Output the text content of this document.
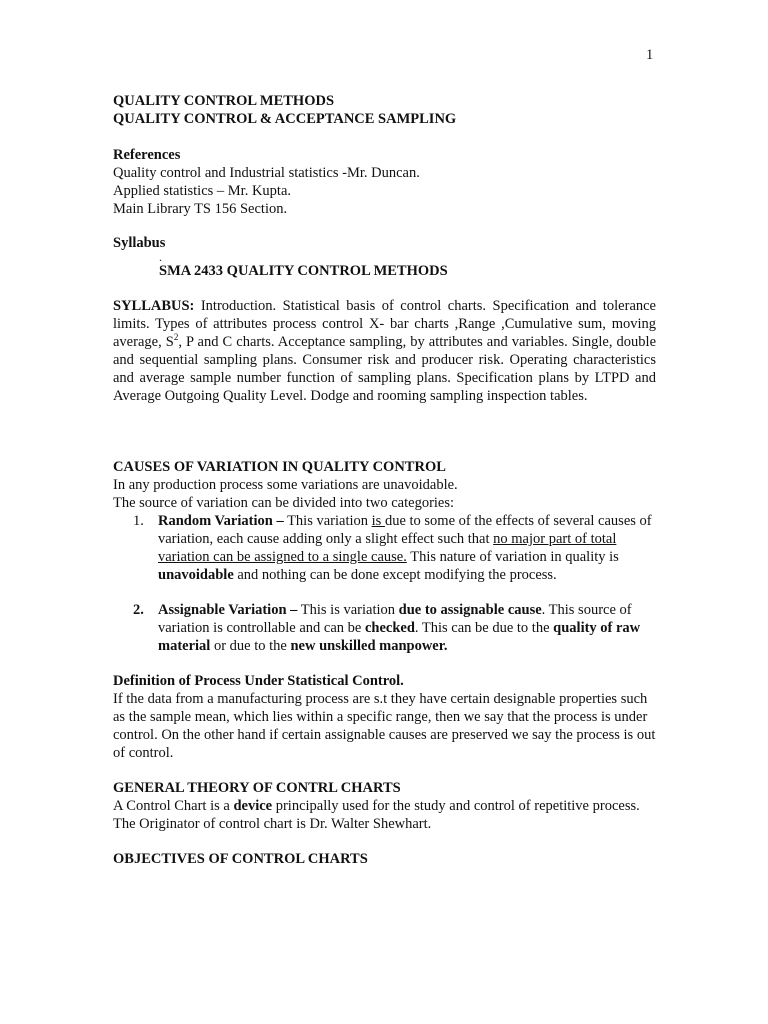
1
QUALITY CONTROL METHODS
QUALITY CONTROL & ACCEPTANCE SAMPLING
References
Quality control and Industrial statistics -Mr. Duncan.
Applied statistics – Mr. Kupta.
Main Library TS 156 Section.
Syllabus
.
SMA 2433 QUALITY CONTROL METHODS
SYLLABUS: Introduction. Statistical basis of control charts. Specification and tolerance limits. Types of attributes process control X- bar charts ,Range ,Cumulative sum, moving average, $S^2$, P and C charts. Acceptance sampling, by attributes and variables. Single, double and sequential sampling plans. Consumer risk and producer risk. Operating characteristics and average sample number function of sampling plans. Specification plans by LTPD and Average Outgoing Quality Level. Dodge and rooming sampling inspection tables.
CAUSES OF VARIATION IN QUALITY CONTROL
In any production process some variations are unavoidable.
The source of variation can be divided into two categories:
1. Random Variation – This variation is due to some of the effects of several causes of variation, each cause adding only a slight effect such that no major part of total variation can be assigned to a single cause. This nature of variation in quality is unavoidable and nothing can be done except modifying the process.
2. Assignable Variation – This is variation due to assignable cause. This source of variation is controllable and can be checked. This can be due to the quality of raw material or due to the new unskilled manpower.
Definition of Process Under Statistical Control.
If the data from a manufacturing process are s.t they have certain designable properties such as the sample mean, which lies within a specific range, then we say that the process is under control. On the other hand if certain assignable causes are preserved we say the process is out of control.
GENERAL THEORY OF CONTRL CHARTS
A Control Chart is a device principally used for the study and control of repetitive process. The Originator of control chart is Dr. Walter Shewhart.
OBJECTIVES OF CONTROL CHARTS
